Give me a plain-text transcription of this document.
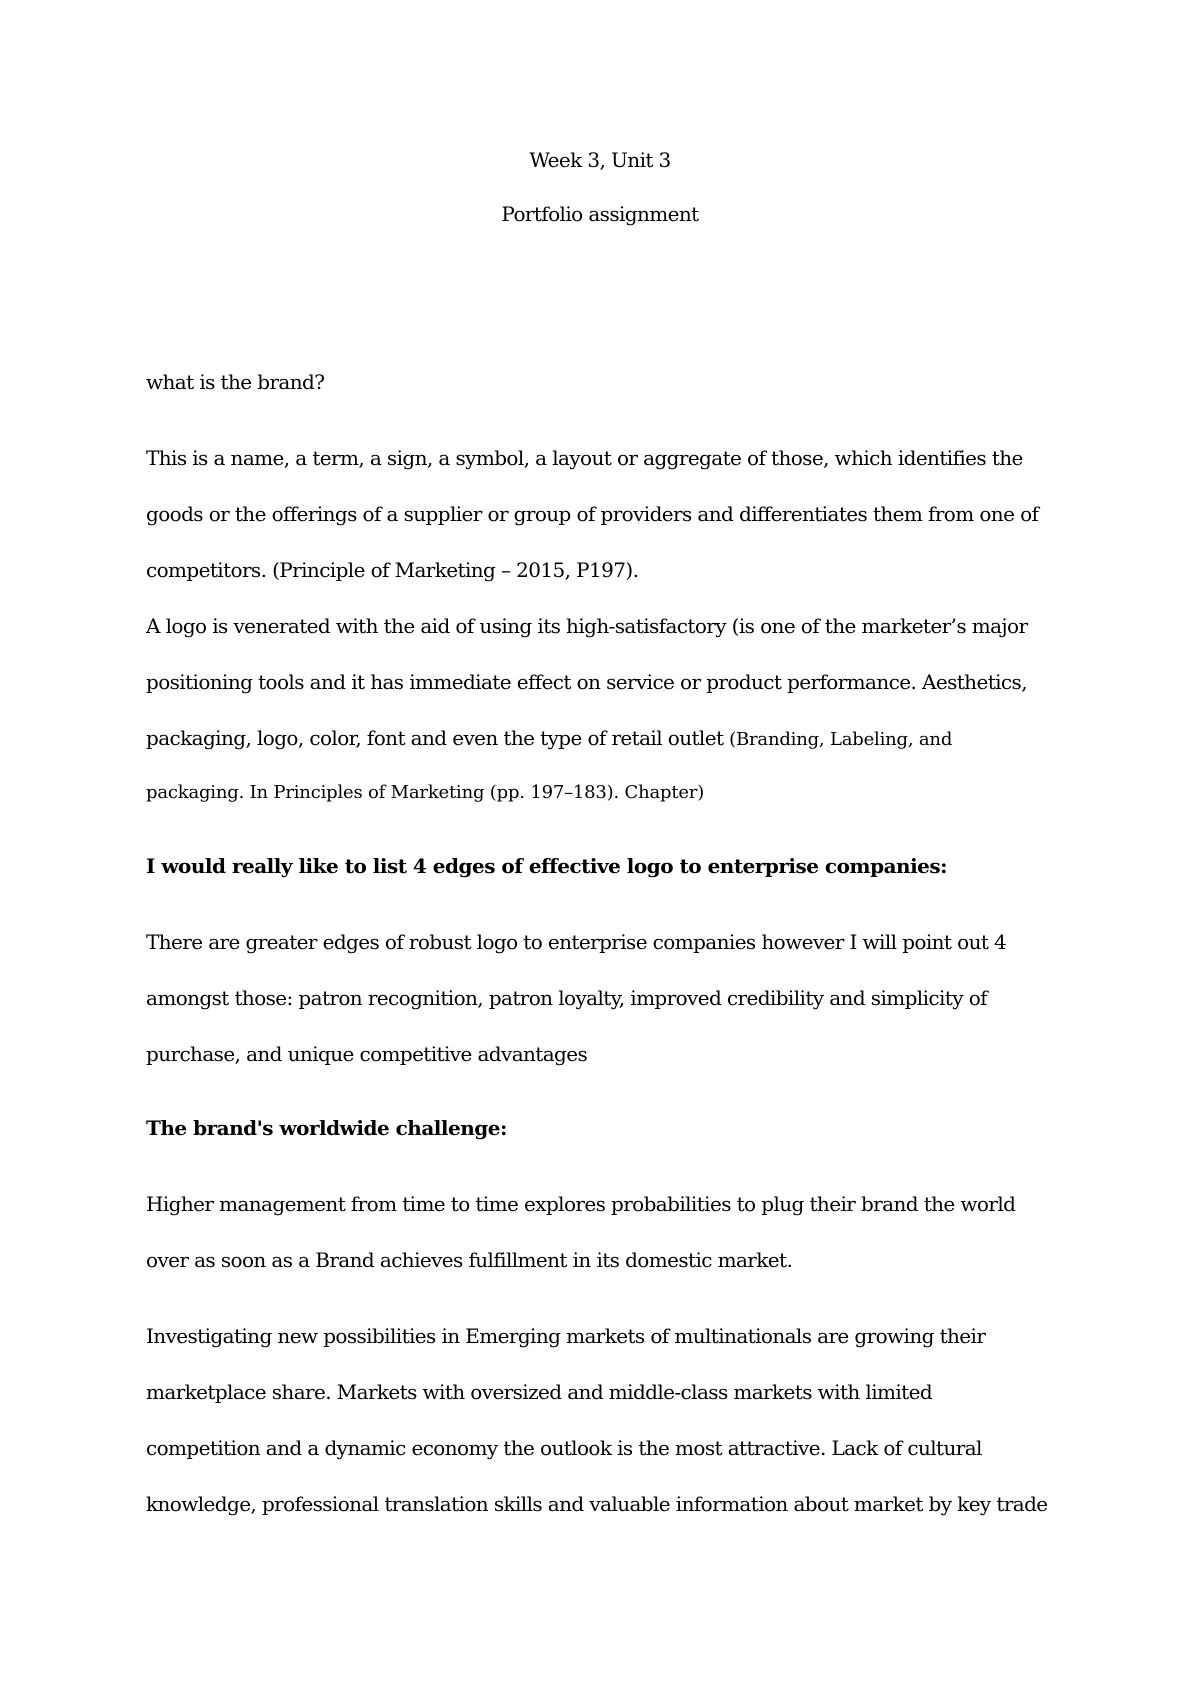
Week 3, Unit 3
Portfolio assignment
what is the brand?
This is a name, a term, a sign, a symbol, a layout or aggregate of those, which identifies the
goods or the offerings of a supplier or group of providers and differentiates them from one of
competitors. (Principle of Marketing – 2015, P197).
A logo is venerated with the aid of using its high-satisfactory (is one of the marketer’s major
positioning tools and it has immediate effect on service or product performance. Aesthetics,
packaging, logo, color, font and even the type of retail outlet (Branding, Labeling, and
packaging. In Principles of Marketing (pp. 197–183). Chapter)
I would really like to list 4 edges of effective logo to enterprise companies:
There are greater edges of robust logo to enterprise companies however I will point out 4
amongst those: patron recognition, patron loyalty, improved credibility and simplicity of
purchase, and unique competitive advantages
The brand's worldwide challenge:
Higher management from time to time explores probabilities to plug their brand the world
over as soon as a Brand achieves fulfillment in its domestic market.
Investigating new possibilities in Emerging markets of multinationals are growing their
marketplace share. Markets with oversized and middle-class markets with limited
competition and a dynamic economy the outlook is the most attractive. Lack of cultural
knowledge, professional translation skills and valuable information about market by key trade
